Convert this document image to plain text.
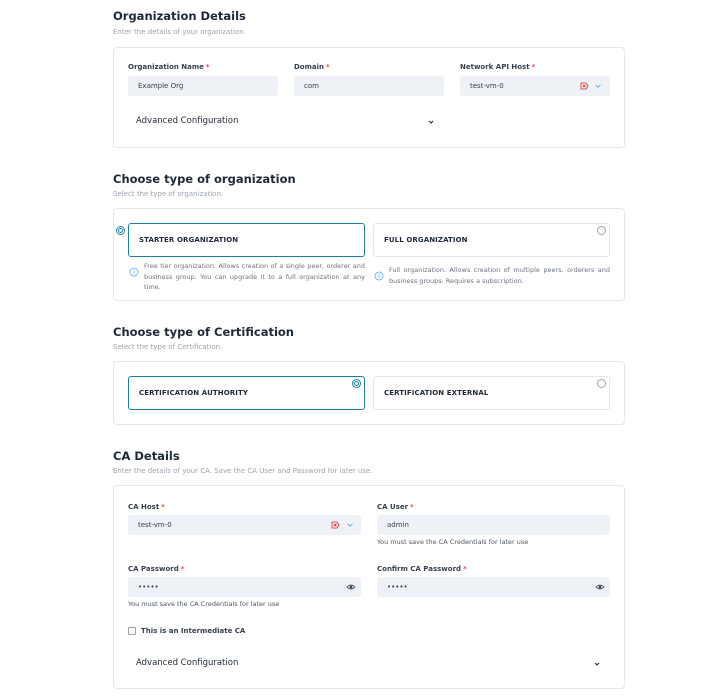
Organization Details
Enter the details of your organization.
Organization Name *
Example Org
Domain *
com
Network API Host *
test-vm-0
Advanced Configuration
Choose type of organization
Select the type of organization.
STARTER ORGANIZATION
Free tier organization. Allows creation of a single peer, orderer and business group. You can upgrade it to a full organization at any time.
FULL ORGANIZATION
Full organization. Allows creation of multiple peers, orderers and business groups. Requires a subscription.
Choose type of Certification
Select the type of Certification.
CERTIFICATION AUTHORITY	CERTIFICATION EXTERNAL
CA Details
Enter the details of your CA. Save the CA User and Password for later use.
CA Host *
test-vm-0
CA User *
admin
You must save the CA Credentials for later use
CA Password *
•••••
You must save the CA Credentials for later use
Confirm CA Password *
•••••
This is an Intermediate CA
Advanced Configuration
